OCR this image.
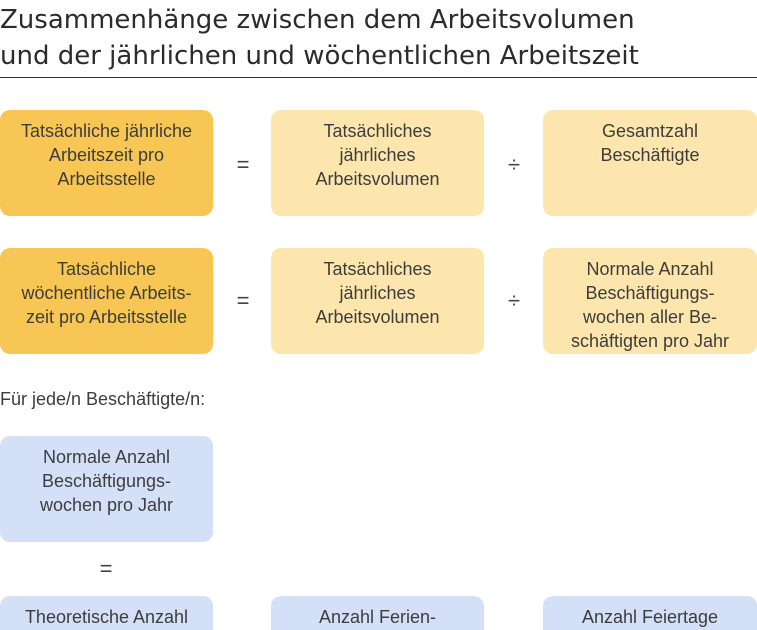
Zusammenhänge zwischen dem Arbeitsvolumen
und der jährlichen und wöchentlichen Arbeitszeit
Tatsächliche jährliche
Arbeitszeit pro
Arbeitsstelle
=
Tatsächliches
jährliches
Arbeitsvolumen
÷
Gesamtzahl
Beschäftigte
Tatsächliche
wöchentliche Arbeits-
zeit pro Arbeitsstelle
=
Tatsächliches
jährliches
Arbeitsvolumen
÷
Normale Anzahl
Beschäftigungs-
wochen aller Be-
schäftigten pro Jahr
Für jede/n Beschäftigte/n:
Normale Anzahl
Beschäftigungs-
wochen pro Jahr
=
Theoretische Anzahl	Anzahl Ferien-	Anzahl Feiertage
